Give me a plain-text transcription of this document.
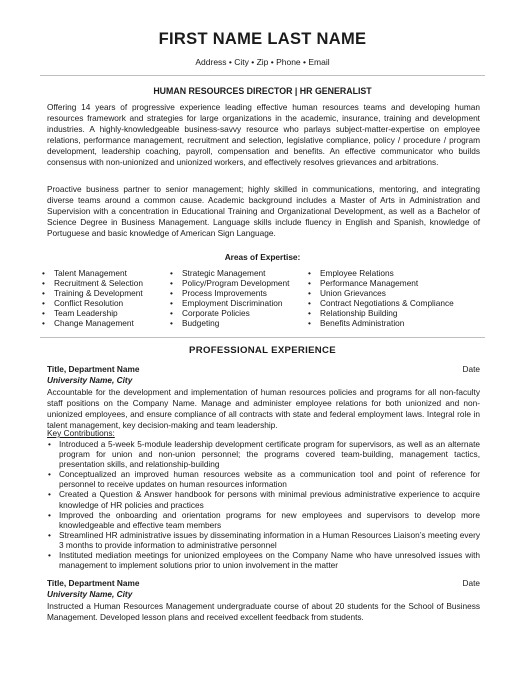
FIRST NAME LAST NAME
Address • City • Zip • Phone • Email
HUMAN RESOURCES DIRECTOR | HR GENERALIST

Offering 14 years of progressive experience leading effective human resources teams and developing human resources framework and strategies for large organizations in the academic, insurance, training and development industries. A highly-knowledgeable business-savvy resource who parlays subject-matter-expertise on employee relations, performance management, recruitment and selection, legislative compliance, policy / procedure / program development, leadership coaching, payroll, compensation and benefits. An effective communicator who builds consensus with non-unionized and unionized workers, and effectively resolves grievances and arbitrations.

Proactive business partner to senior management; highly skilled in communications, mentoring, and integrating diverse teams around a common cause. Academic background includes a Master of Arts in Administration and Supervision with a concentration in Educational Training and Organizational Development, as well as a Bachelor of Science Degree in Business Management. Language skills include fluency in English and Spanish, knowledge of Portuguese and basic knowledge of American Sign Language.

Areas of Expertise:
• Talent Management
• Recruitment & Selection
• Training & Development
• Conflict Resolution
• Team Leadership
• Change Management
• Strategic Management
• Policy/Program Development
• Process Improvements
• Employment Discrimination
• Corporate Policies
• Budgeting
• Employee Relations
• Performance Management
• Union Grievances
• Contract Negotiations & Compliance
• Relationship Building
• Benefits Administration
PROFESSIONAL EXPERIENCE
Title, Department Name	Date
University Name, City

Accountable for the development and implementation of human resources policies and programs for all non-faculty staff positions on the Company Name. Manage and administer employee relations for both unionized and non-unionized employees, and ensure compliance of all contracts with state and federal employment laws. Integral role in talent management, key decision-making and team leadership.

Key Contributions:
• Introduced a 5-week 5-module leadership development certificate program for supervisors, as well as an alternate program for union and non-union personnel; the programs covered team-building, management tactics, presentation skills, and relationship-building
• Conceptualized an improved human resources website as a communication tool and point of reference for personnel to receive updates on human resources information
• Created a Question & Answer handbook for persons with minimal previous administrative experience to acquire knowledge of HR policies and practices
• Improved the onboarding and orientation programs for new employees and supervisors to develop more knowledgeable and effective team members
• Streamlined HR administrative issues by disseminating information in a Human Resources Liaison’s meeting every 3 months to provide information to administrative personnel
• Instituted mediation meetings for unionized employees on the Company Name who have unresolved issues with management to implement solutions prior to union involvement in the matter
Title, Department Name	Date
University Name, City

Instructed a Human Resources Management undergraduate course of about 20 students for the School of Business Management. Developed lesson plans and received excellent feedback from students.
